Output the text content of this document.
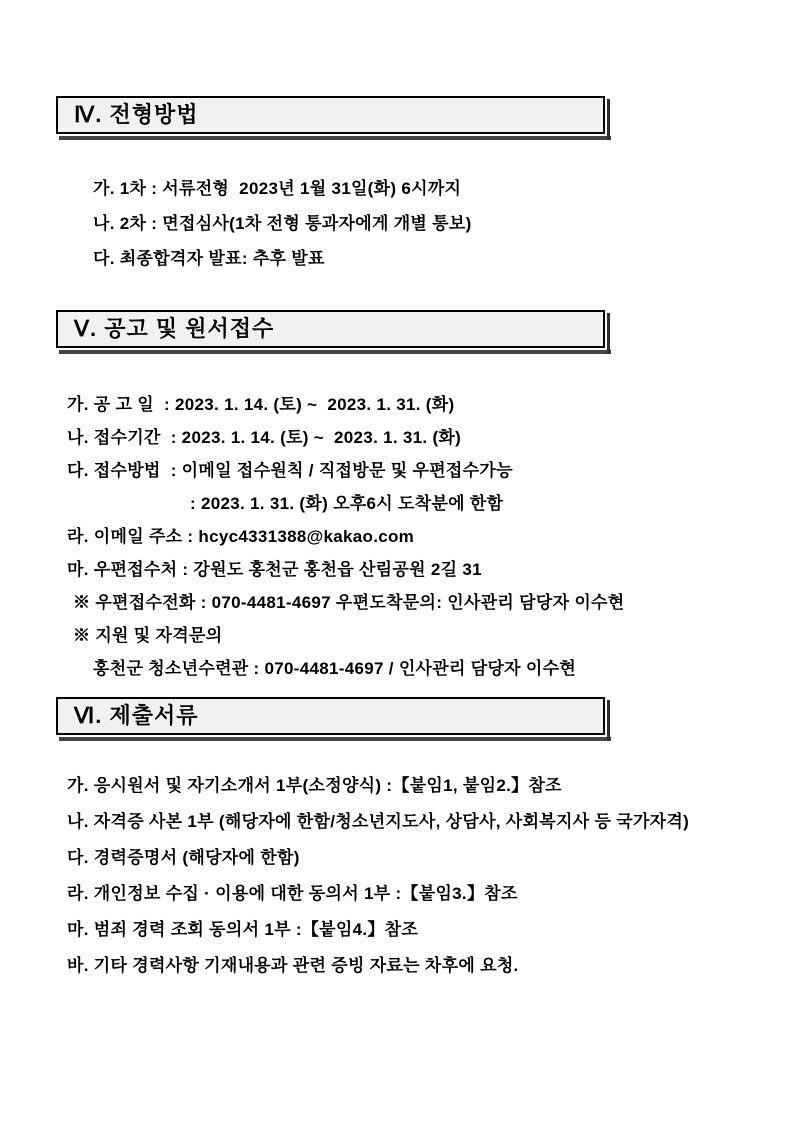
Ⅳ. 전형방법
가. 1차 : 서류전형  2023년 1월 31일(화) 6시까지
나. 2차 : 면접심사(1차 전형 통과자에게 개별 통보)
다. 최종합격자 발표: 추후 발표
Ⅴ. 공고 및 원서접수
가. 공 고 일  : 2023. 1. 14. (토) ~  2023. 1. 31. (화)
나. 접수기간  : 2023. 1. 14. (토) ~  2023. 1. 31. (화)
다. 접수방법  : 이메일 접수원칙 / 직접방문 및 우편접수가능
: 2023. 1. 31. (화) 오후6시 도착분에 한함
라. 이메일 주소 : hcyc4331388@kakao.com
마. 우편접수처 : 강원도 홍천군 홍천읍 산림공원 2길 31
※ 우편접수전화 : 070-4481-4697 우편도착문의: 인사관리 담당자 이수현
※ 지원 및 자격문의
홍천군 청소년수련관 : 070-4481-4697 / 인사관리 담당자 이수현
Ⅵ. 제출서류
가. 응시원서 및 자기소개서 1부(소정양식) :【붙임1, 붙임2.】참조
나. 자격증 사본 1부 (해당자에 한함/청소년지도사, 상담사, 사회복지사 등 국가자격)
다. 경력증명서 (해당자에 한함)
라. 개인정보 수집 · 이용에 대한 동의서 1부 :【붙임3.】참조
마. 범죄 경력 조회 동의서 1부 :【붙임4.】참조
바. 기타 경력사항 기재내용과 관련 증빙 자료는 차후에 요청.
